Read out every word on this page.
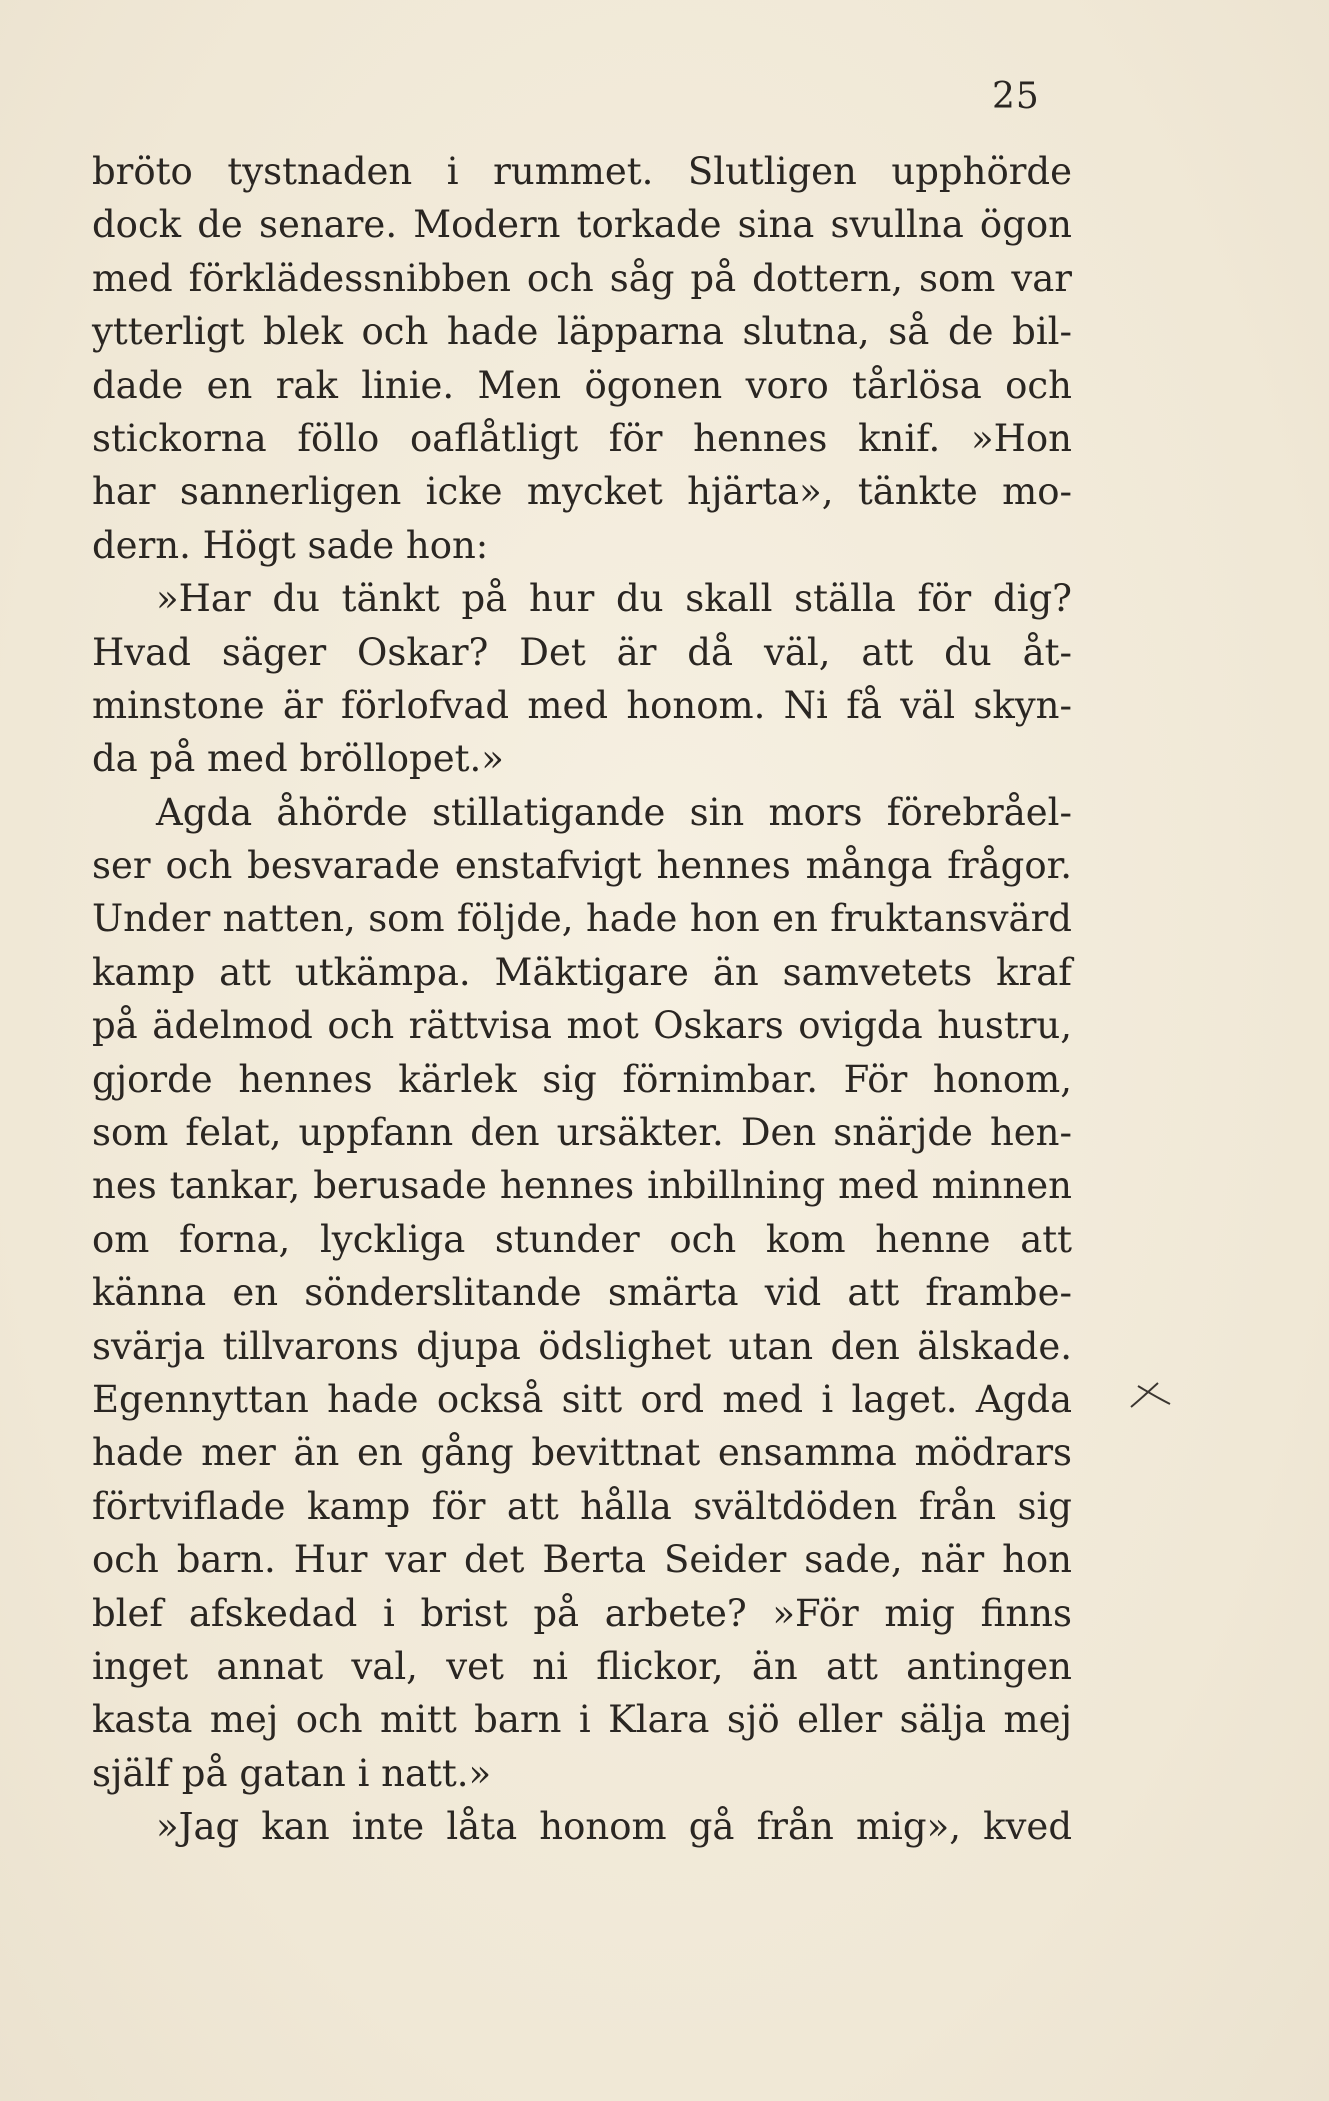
25
bröto tystnaden i rummet. Slutligen upphörde
dock de senare. Modern torkade sina svullna ögon
med förklädessnibben och såg på dottern, som var
ytterligt blek och hade läpparna slutna, så de bil-
dade en rak linie. Men ögonen voro tårlösa och
stickorna föllo oaflåtligt för hennes knif. »Hon
har sannerligen icke mycket hjärta», tänkte mo-
dern. Högt sade hon:
»Har du tänkt på hur du skall ställa för dig?
Hvad säger Oskar? Det är då väl, att du åt-
minstone är förlofvad med honom. Ni få väl skyn-
da på med bröllopet.»
Agda åhörde stillatigande sin mors förebråel-
ser och besvarade enstafvigt hennes många frågor.
Under natten, som följde, hade hon en fruktansvärd
kamp att utkämpa. Mäktigare än samvetets kraf
på ädelmod och rättvisa mot Oskars ovigda hustru,
gjorde hennes kärlek sig förnimbar. För honom,
som felat, uppfann den ursäkter. Den snärjde hen-
nes tankar, berusade hennes inbillning med minnen
om forna, lyckliga stunder och kom henne att
känna en sönderslitande smärta vid att frambe-
svärja tillvarons djupa ödslighet utan den älskade.
Egennyttan hade också sitt ord med i laget. Agda
hade mer än en gång bevittnat ensamma mödrars
förtviflade kamp för att hålla svältdöden från sig
och barn. Hur var det Berta Seider sade, när hon
blef afskedad i brist på arbete? »För mig finns
inget annat val, vet ni flickor, än att antingen
kasta mej och mitt barn i Klara sjö eller sälja mej
själf på gatan i natt.»
»Jag kan inte låta honom gå från mig», kved
